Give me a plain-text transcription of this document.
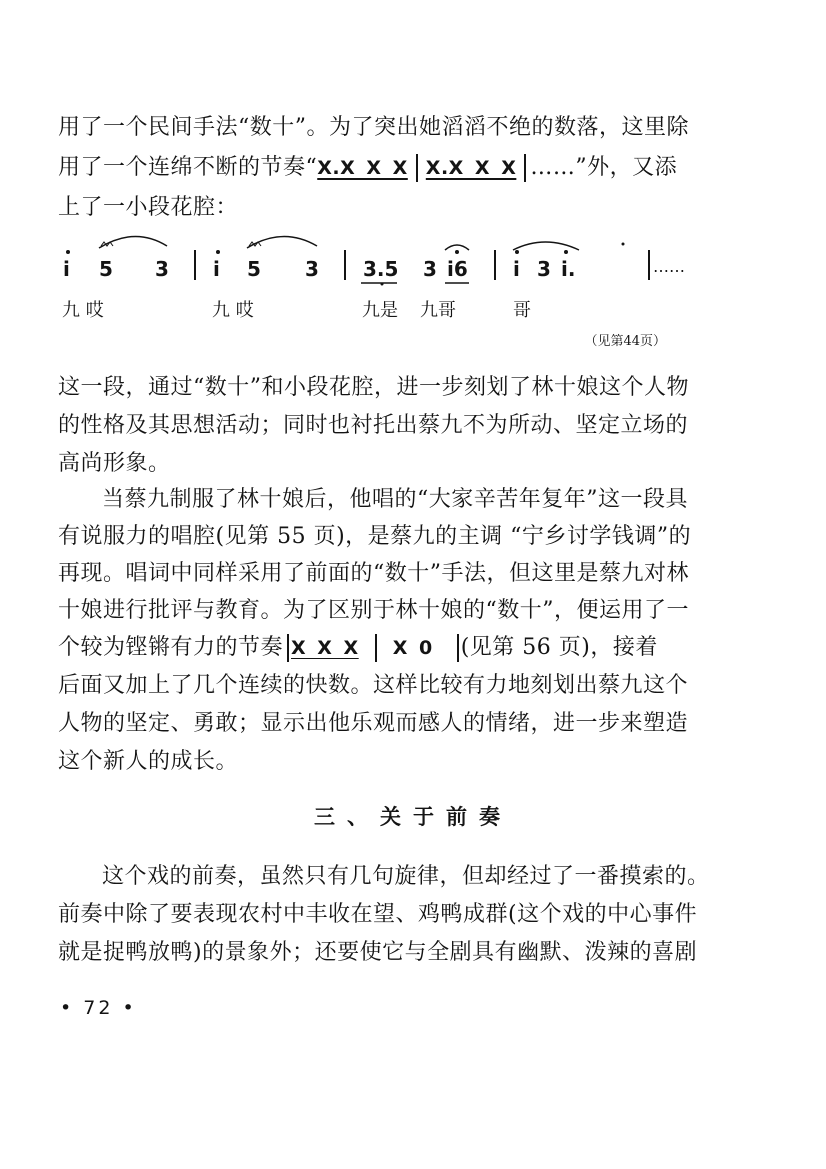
用了一个民间手法“数十”。为了突出她滔滔不绝的数落，这里除
用了一个连绵不断的节奏“X.X X X X.X X X ……”外，又添
上了一小段花腔：
i 5 3 i 5 3 3.5 3 i6 i 3 i.	……
九 哎	九 哎	九是 九哥	哥
（见第44页）
这一段，通过“数十”和小段花腔，进一步刻划了林十娘这个人物
的性格及其思想活动；同时也衬托出蔡九不为所动、坚定立场的
高尚形象。
当蔡九制服了林十娘后，他唱的“大家辛苦年复年”这一段具
有说服力的唱腔(见第 55 页)，是蔡九的主调 “宁乡讨学钱调”的
再现。唱词中同样采用了前面的“数十”手法，但这里是蔡九对林
十娘进行批评与教育。为了区别于林十娘的“数十”，便运用了一
个较为铿锵有力的节奏 X X X X 0 (见第 56 页)，接着
后面又加上了几个连续的快数。这样比较有力地刻划出蔡九这个
人物的坚定、勇敢；显示出他乐观而感人的情绪，进一步来塑造
这个新人的成长。
三、关于前奏
这个戏的前奏，虽然只有几句旋律，但却经过了一番摸索的。
前奏中除了要表现农村中丰收在望、鸡鸭成群(这个戏的中心事件
就是捉鸭放鸭)的景象外；还要使它与全剧具有幽默、泼辣的喜剧
• 72 •
